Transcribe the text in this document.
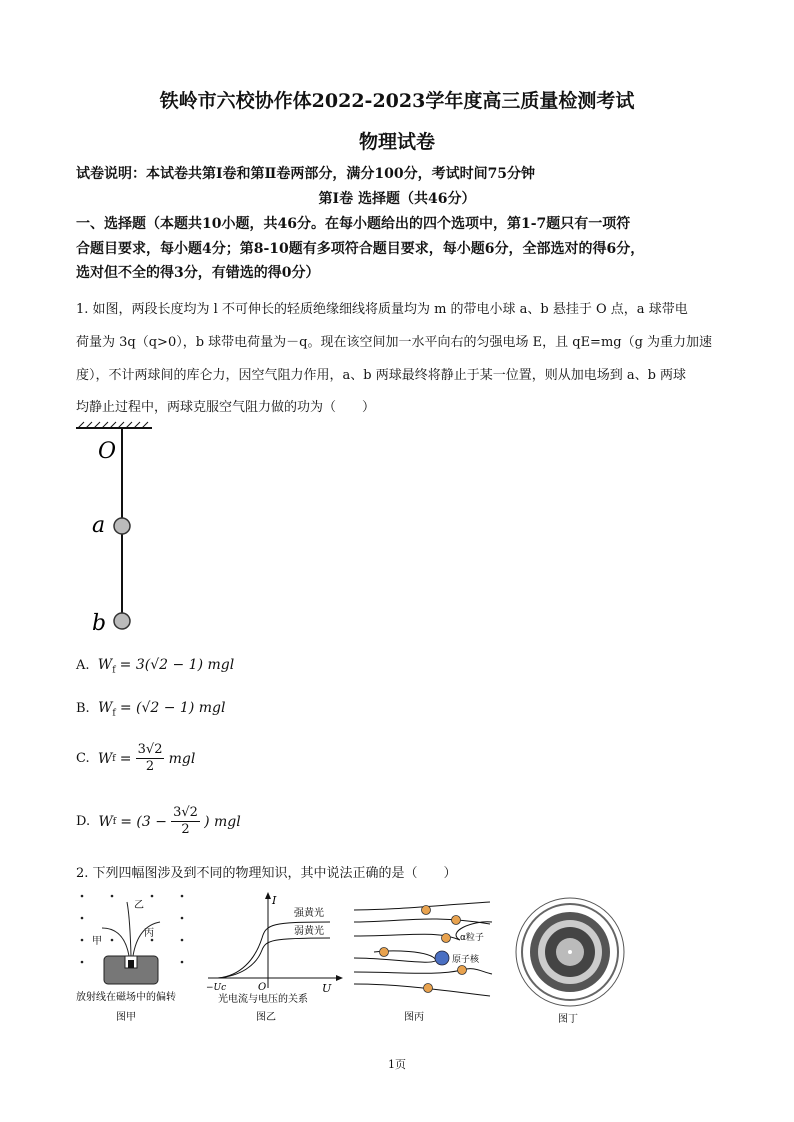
铁岭市六校协作体2022-2023学年度高三质量检测考试
物理试卷
试卷说明：本试卷共第Ⅰ卷和第Ⅱ卷两部分，满分100分，考试时间75分钟
第Ⅰ卷 选择题（共46分）
一、选择题（本题共10小题，共46分。在每小题给出的四个选项中，第1-7题只有一项符
合题目要求，每小题4分；第8-10题有多项符合题目要求，每小题6分，全部选对的得6分，
选对但不全的得3分，有错选的得0分）
1. 如图，两段长度均为 l 不可伸长的轻质绝缘细线将质量均为 m 的带电小球 a、b 悬挂于 O 点，a 球带电
荷量为 3q（q>0），b 球带电荷量为－q。现在该空间加一水平向右的匀强电场 E，且 qE=mg（g 为重力加速
度），不计两球间的库仑力，因空气阻力作用，a、b 两球最终将静止于某一位置，则从加电场到 a、b 两球
均静止过程中，两球克服空气阻力做的功为（　　）
O
a
b
A. $W_f = 3(√2 - 1)$ mgl
B. $W_f = (√2 - 1)$ mgl
C.
W f
=
$\frac{3√2}{2}$
mgl
D.
W f
= (3 −
$\frac{3√2}{2}$
) mgl
2. 下列四幅图涉及到不同的物理知识，其中说法正确的是（　　）
乙
甲
丙
放射线在磁场中的偏转
图甲
I
U
强黄光
弱黄光
−Uc	O
光电流与电压的关系
图乙
α粒子
原子核
图丙	图丁
1页
